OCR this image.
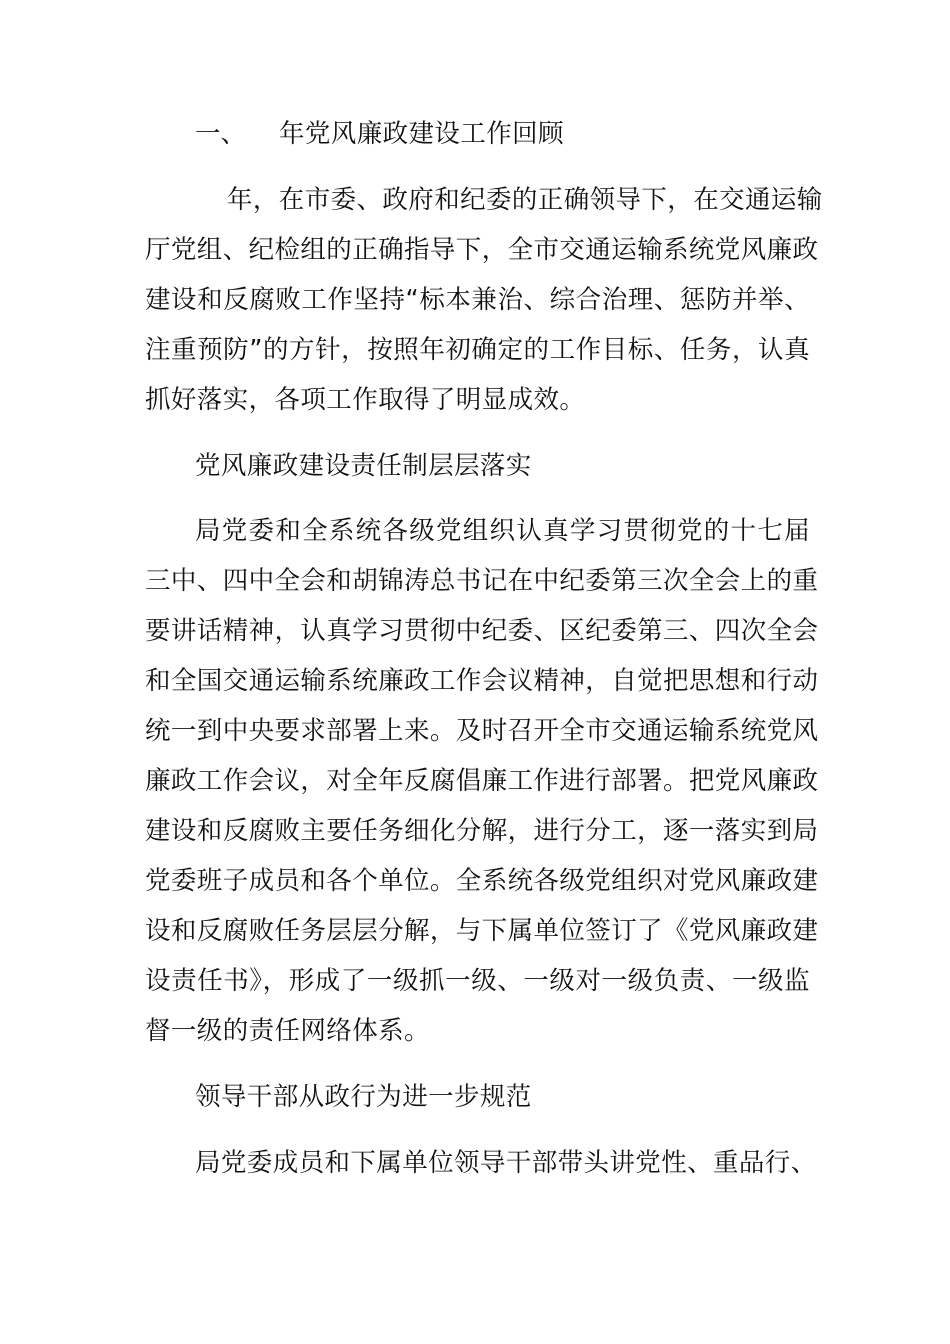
一、 年党风廉政建设工作回顾
年，在市委、政府和纪委的正确领导下，在交通运输
厅党组、纪检组的正确指导下，全市交通运输系统党风廉政
建设和反腐败工作坚持“标本兼治、综合治理、惩防并举、
注重预防”的方针，按照年初确定的工作目标、任务，认真
抓好落实，各项工作取得了明显成效。
党风廉政建设责任制层层落实
局党委和全系统各级党组织认真学习贯彻党的十七届
三中、四中全会和胡锦涛总书记在中纪委第三次全会上的重
要讲话精神，认真学习贯彻中纪委、区纪委第三、四次全会
和全国交通运输系统廉政工作会议精神，自觉把思想和行动
统一到中央要求部署上来。及时召开全市交通运输系统党风
廉政工作会议，对全年反腐倡廉工作进行部署。把党风廉政
建设和反腐败主要任务细化分解，进行分工，逐一落实到局
党委班子成员和各个单位。全系统各级党组织对党风廉政建
设和反腐败任务层层分解，与下属单位签订了《党风廉政建
设责任书》，形成了一级抓一级、一级对一级负责、一级监
督一级的责任网络体系。
领导干部从政行为进一步规范
局党委成员和下属单位领导干部带头讲党性、重品行、
